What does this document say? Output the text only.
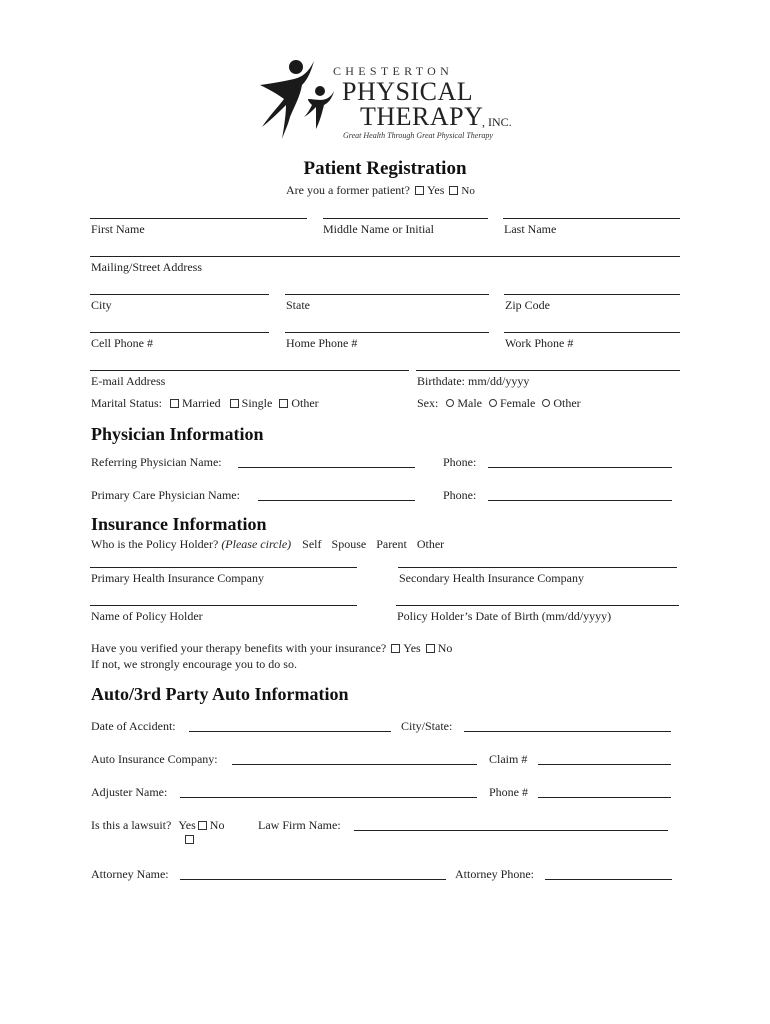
CHESTERTON
PHYSICAL
THERAPY
, INC.
Great Health Through Great Physical Therapy
Patient Registration
Are you a former patient? Yes No
First Name	Middle Name or Initial	Last Name
Mailing/Street Address
City	State	Zip Code
Cell Phone #	Home Phone #	Work Phone #
E-mail Address	Birthdate: mm/dd/yyyy
Marital Status: Married Single Other	Sex: Male Female Other
Physician Information
Referring Physician Name:	Phone:
Primary Care Physician Name:	Phone:
Insurance Information
Who is the Policy Holder? (Please circle) Self Spouse Parent Other
Primary Health Insurance Company	Secondary Health Insurance Company
Name of Policy Holder	Policy Holder’s Date of Birth (mm/dd/yyyy)
Have you verified your therapy benefits with your insurance? Yes No
If not, we strongly encourage you to do so.
Auto/3rd Party Auto Information
Date of Accident:	City/State:
Auto Insurance Company:	Claim #
Adjuster Name:	Phone #
Is this a lawsuit? Yes No	Law Firm Name:
Attorney Name:	Attorney Phone:
